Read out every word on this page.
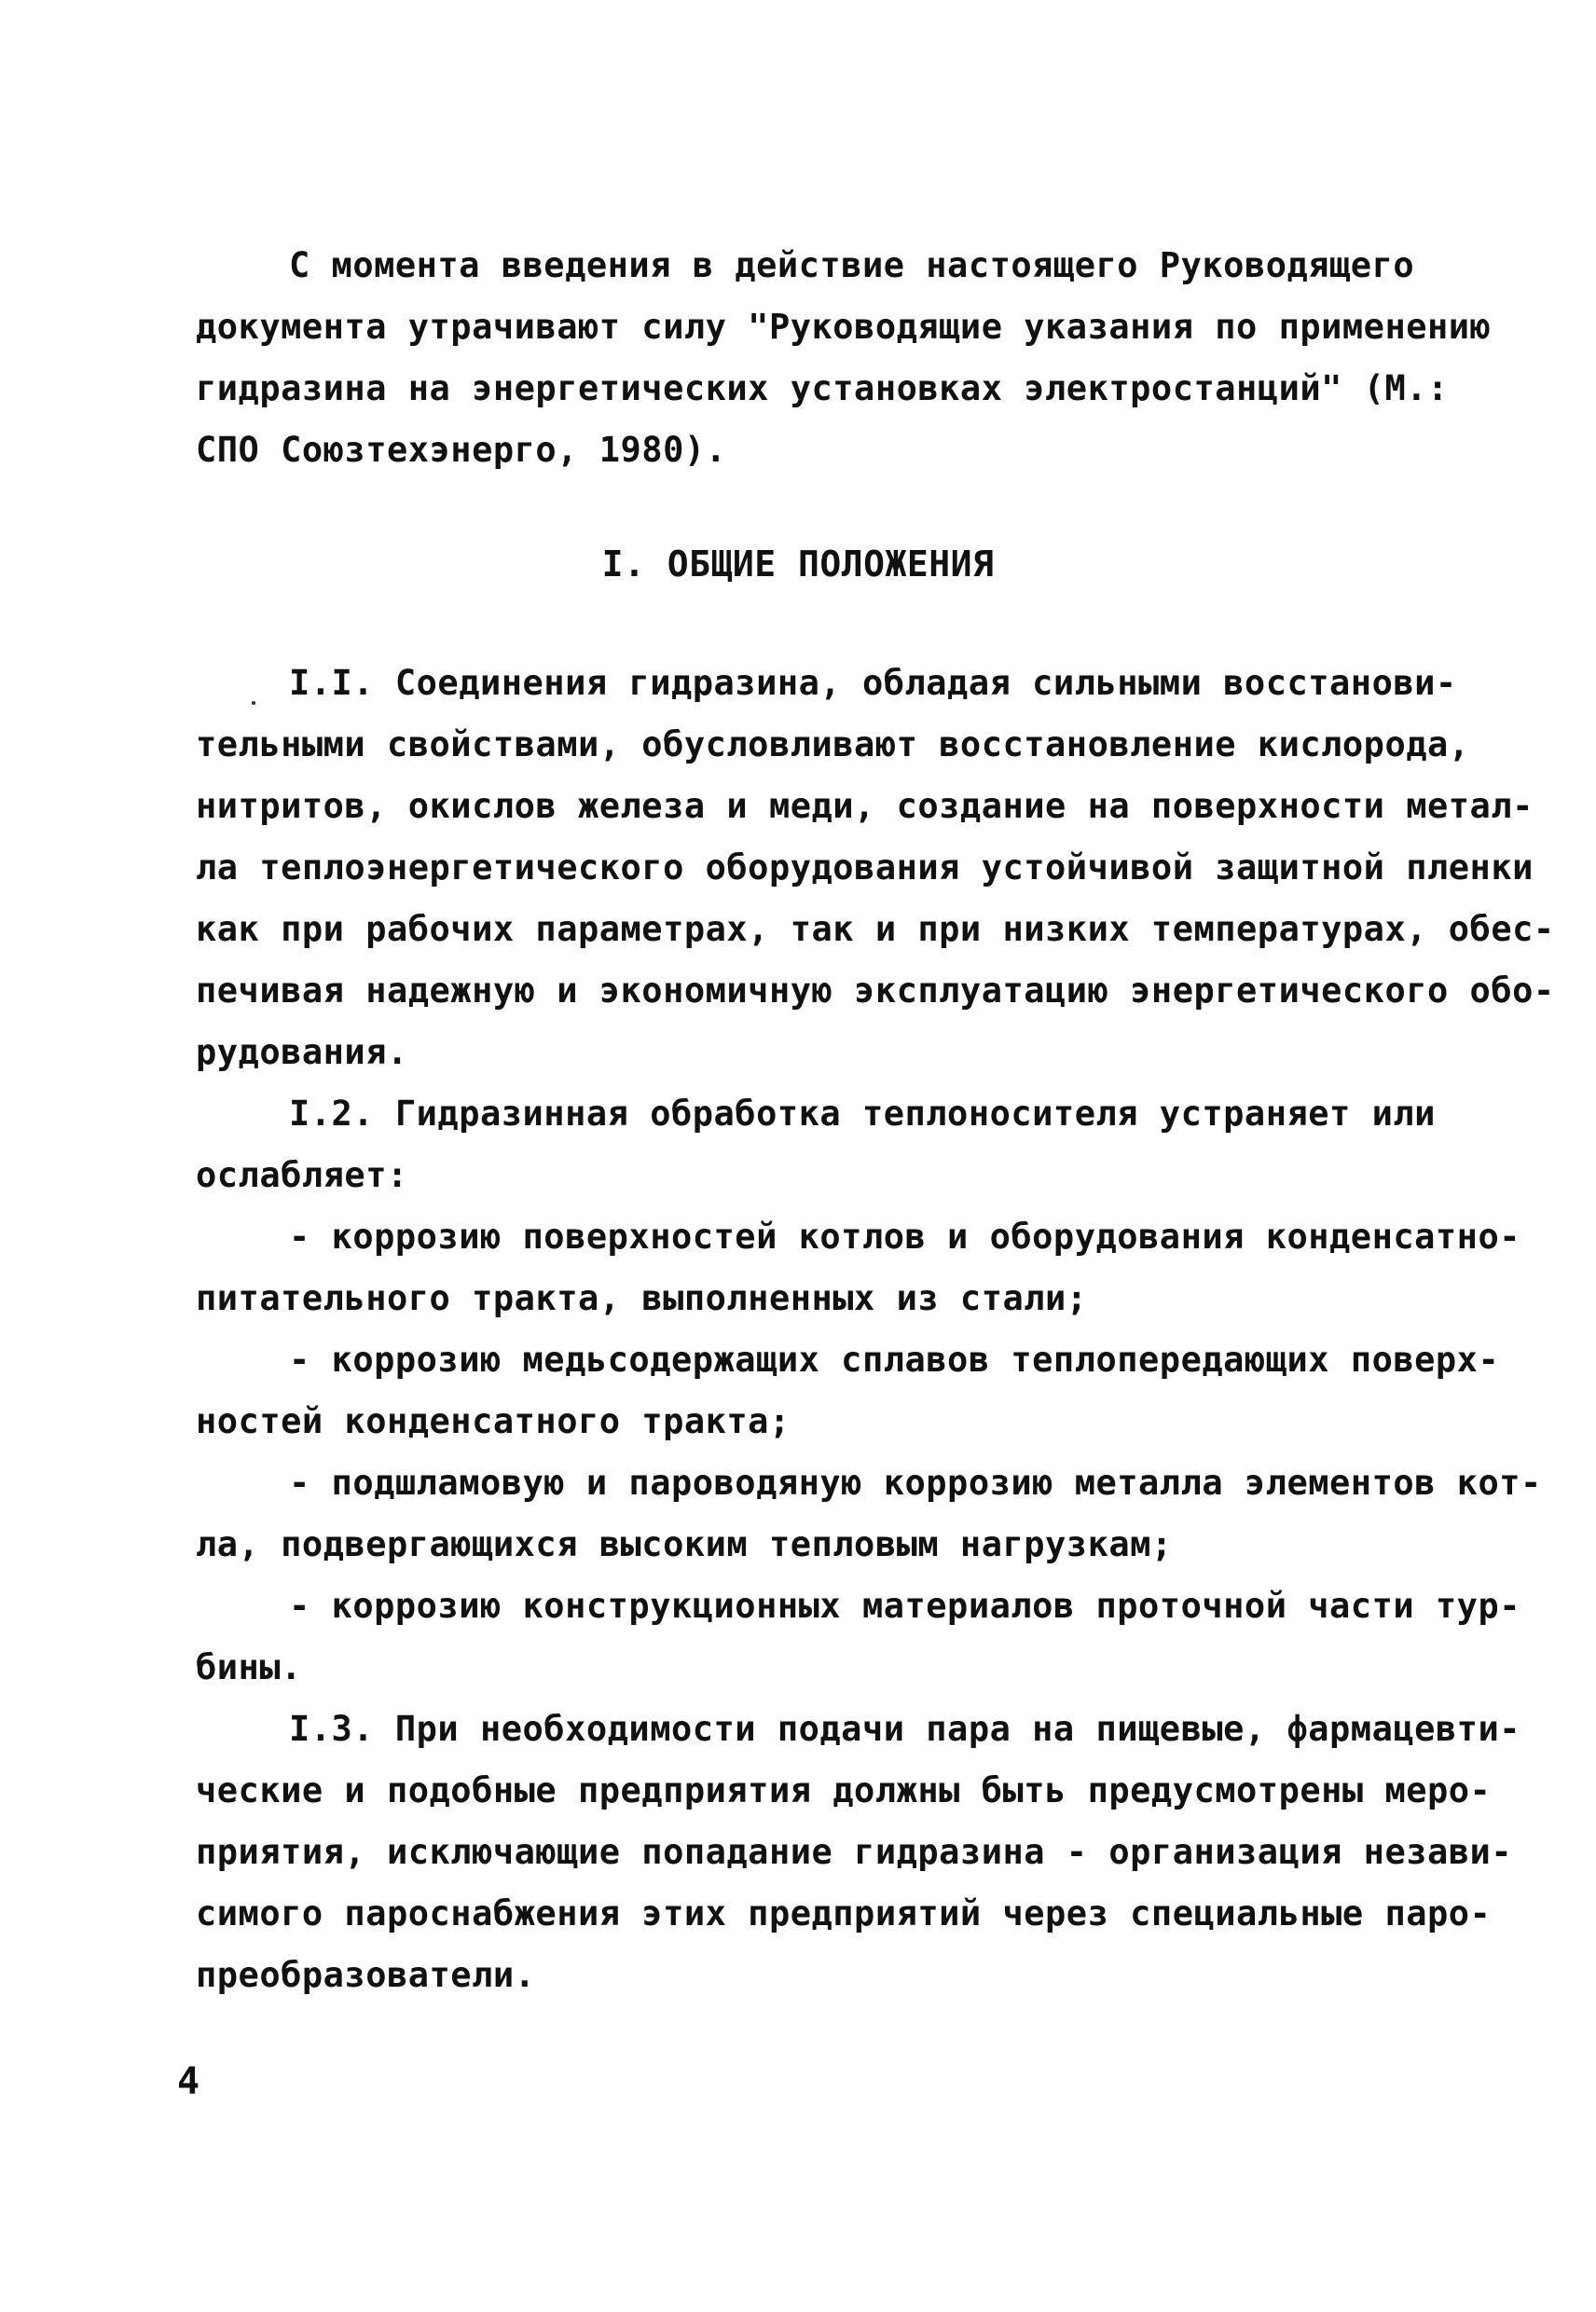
С момента введения в действие настоящего Руководящего
документа утрачивают силу "Руководящие указания по применению
гидразина на энергетических установках электростанций" (М.:
СПО Союзтехэнерго, 1980).
I. ОБЩИЕ ПОЛОЖЕНИЯ
I.I. Соединения гидразина, обладая сильными восстанови-
тельными свойствами, обусловливают восстановление кислорода,
нитритов, окислов железа и меди, создание на поверхности метал-
ла теплоэнергетического оборудования устойчивой защитной пленки
как при рабочих параметрах, так и при низких температурах, обес-
печивая надежную и экономичную эксплуатацию энергетического обо-
рудования.
I.2. Гидразинная обработка теплоносителя устраняет или
ослабляет:
- коррозию поверхностей котлов и оборудования конденсатно-
питательного тракта, выполненных из стали;
- коррозию медьсодержащих сплавов теплопередающих поверх-
ностей конденсатного тракта;
- подшламовую и пароводяную коррозию металла элементов кот-
ла, подвергающихся высоким тепловым нагрузкам;
- коррозию конструкционных материалов проточной части тур-
бины.
I.3. При необходимости подачи пара на пищевые, фармацевти-
ческие и подобные предприятия должны быть предусмотрены меро-
приятия, исключающие попадание гидразина - организация незави-
симого пароснабжения этих предприятий через специальные паро-
преобразователи.
4
